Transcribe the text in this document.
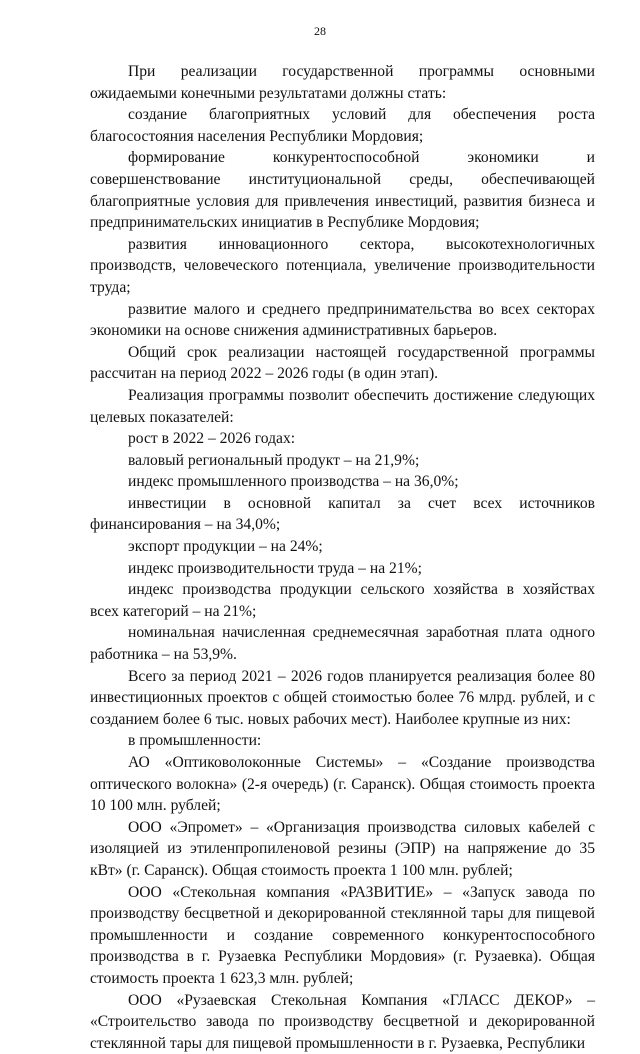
28

При реализации государственной программы основными ожидаемыми конечными результатами должны стать:

создание благоприятных условий для обеспечения роста благосостояния населения Республики Мордовия;

формирование конкурентоспособной экономики и совершенствование институциональной среды, обеспечивающей благоприятные условия для привлечения инвестиций, развития бизнеса и предпринимательских инициатив в Республике Мордовия;

развития инновационного сектора, высокотехнологичных производств, человеческого потенциала, увеличение производительности труда;

развитие малого и среднего предпринимательства во всех секторах экономики на основе снижения административных барьеров.

Общий срок реализации настоящей государственной программы рассчитан на период 2022 – 2026 годы (в один этап).

Реализация программы позволит обеспечить достижение следующих целевых показателей:

рост в 2022 – 2026 годах:

валовый региональный продукт – на 21,9%;

индекс промышленного производства – на 36,0%;

инвестиции в основной капитал за счет всех источников финансирования – на 34,0%;

экспорт продукции – на 24%;

индекс производительности труда – на 21%;

индекс производства продукции сельского хозяйства в хозяйствах всех категорий – на 21%;

номинальная начисленная среднемесячная заработная плата одного работника – на 53,9%.

Всего за период 2021 – 2026 годов планируется реализация более 80 инвестиционных проектов с общей стоимостью более 76 млрд. рублей, и с созданием более 6 тыс. новых рабочих мест). Наиболее крупные из них:

в промышленности:

АО «Оптиковолоконные Системы» – «Создание производства оптического волокна» (2-я очередь) (г. Саранск). Общая стоимость проекта 10 100 млн. рублей;

ООО «Эпромет» – «Организация производства силовых кабелей с изоляцией из этиленпропиленовой резины (ЭПР) на напряжение до 35 кВт» (г. Саранск). Общая стоимость проекта 1 100 млн. рублей;

ООО «Стекольная компания «РАЗВИТИЕ» – «Запуск завода по производству бесцветной и декорированной стеклянной тары для пищевой промышленности и создание современного конкурентоспособного производства в г. Рузаевка Республики Мордовия» (г. Рузаевка). Общая стоимость проекта 1 623,3 млн. рублей;

ООО «Рузаевская Стекольная Компания «ГЛАСС ДЕКОР» – «Строительство завода по производству бесцветной и декорированной стеклянной тары для пищевой промышленности в г. Рузаевка, Республики
